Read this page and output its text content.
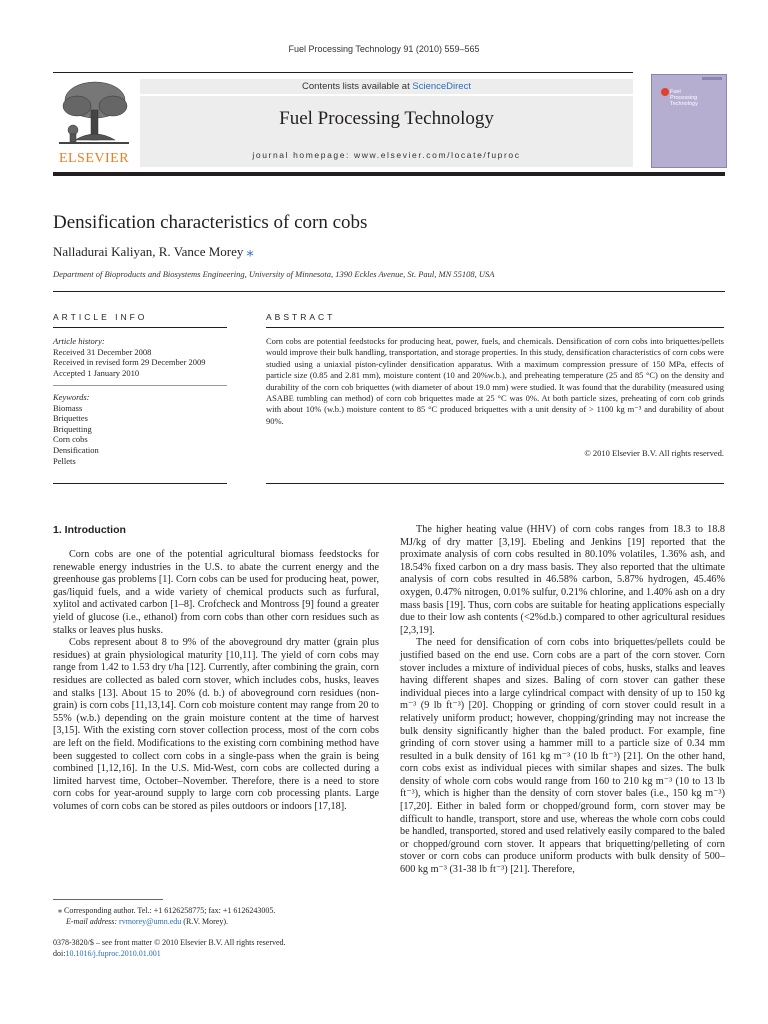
Fuel Processing Technology 91 (2010) 559–565
ELSEVIER
Contents lists available at ScienceDirect
Fuel Processing Technology
journal homepage: www.elsevier.com/locate/fuproc
Fuel
Processing
Technology
Densification characteristics of corn cobs
Nalladurai Kaliyan, R. Vance Morey ⁎
Department of Bioproducts and Biosystems Engineering, University of Minnesota, 1390 Eckles Avenue, St. Paul, MN 55108, USA
ARTICLE INFO
Article history:
Received 31 December 2008
Received in revised form 29 December 2009
Accepted 1 January 2010
Keywords:
Biomass
Briquettes
Briquetting
Corn cobs
Densification
Pellets
ABSTRACT
Corn cobs are potential feedstocks for producing heat, power, fuels, and chemicals. Densification of corn cobs into briquettes/pellets would improve their bulk handling, transportation, and storage properties. In this study, densification characteristics of corn cobs were studied using a uniaxial piston-cylinder densification apparatus. With a maximum compression pressure of 150 MPa, effects of particle size (0.85 and 2.81 mm), moisture content (10 and 20%w.b.), and preheating temperature (25 and 85 °C) on the density and durability of the corn cob briquettes (with diameter of about 19.0 mm) were studied. It was found that the durability (measured using ASABE tumbling can method) of corn cob briquettes made at 25 °C was 0%. At both particle sizes, preheating of corn cob grinds with about 10% (w.b.) moisture content to 85 °C produced briquettes with a unit density of > 1100 kg m⁻³ and durability of about 90%.
© 2010 Elsevier B.V. All rights reserved.
1. Introduction

Corn cobs are one of the potential agricultural biomass feedstocks for renewable energy industries in the U.S. to abate the current energy and the greenhouse gas problems [1]. Corn cobs can be used for producing heat, power, gas/liquid fuels, and a wide variety of chemical products such as furfural, xylitol and activated carbon [1–8]. Crofcheck and Montross [9] found a greater yield of glucose (i.e., ethanol) from corn cobs than other corn residues such as stalks or leaves plus husks.

Cobs represent about 8 to 9% of the aboveground dry matter (grain plus residues) at grain physiological maturity [10,11]. The yield of corn cobs may range from 1.42 to 1.53 dry t/ha [12]. Currently, after combining the grain, corn residues are collected as baled corn stover, which includes cobs, husks, leaves and stalks [13]. About 15 to 20% (d. b.) of aboveground corn residues (non-grain) is corn cobs [11,13,14]. Corn cob moisture content may range from 20 to 55% (w.b.) depending on the grain moisture content at the time of harvest [3,15]. With the existing corn stover collection process, most of the corn cobs are left on the field. Modifications to the existing corn combining method have been suggested to collect corn cobs in a single-pass when the grain is being combined [1,12,16]. In the U.S. Mid-West, corn cobs are collected during a limited harvest time, October–November. Therefore, there is a need to store corn cobs for year-around supply to large corn cob processing plants. Large volumes of corn cobs can be stored as piles outdoors or indoors [17,18].

The higher heating value (HHV) of corn cobs ranges from 18.3 to 18.8 MJ/kg of dry matter [3,19]. Ebeling and Jenkins [19] reported that the proximate analysis of corn cobs resulted in 80.10% volatiles, 1.36% ash, and 18.54% fixed carbon on a dry mass basis. They also reported that the ultimate analysis of corn cobs resulted in 46.58% carbon, 5.87% hydrogen, 45.46% oxygen, 0.47% nitrogen, 0.01% sulfur, 0.21% chlorine, and 1.40% ash on a dry mass basis [19]. Thus, corn cobs are suitable for heating applications especially due to their low ash contents (<2%d.b.) compared to other agricultural residues [2,3,19].

The need for densification of corn cobs into briquettes/pellets could be justified based on the end use. Corn cobs are a part of the corn stover. Corn stover includes a mixture of individual pieces of cobs, husks, stalks and leaves having different shapes and sizes. Baling of corn stover can gather these individual pieces into a large cylindrical compact with density of up to 150 kg m⁻³ (9 lb ft⁻³) [20]. Chopping or grinding of corn stover could result in a relatively uniform product; however, chopping/grinding may not increase the bulk density significantly higher than the baled product. For example, fine grinding of corn stover using a hammer mill to a particle size of 0.34 mm resulted in a bulk density of 161 kg m⁻³ (10 lb ft⁻³) [21]. On the other hand, corn cobs exist as individual pieces with similar shapes and sizes. The bulk density of whole corn cobs would range from 160 to 210 kg m⁻³ (10 to 13 lb ft⁻³), which is higher than the density of corn stover bales (i.e., 150 kg m⁻³) [17,20]. Either in baled form or chopped/ground form, corn stover may be difficult to handle, transport, store and use, whereas the whole corn cobs could be handled, transported, stored and used relatively easily compared to the baled or chopped/ground corn stover. It appears that briquetting/pelleting of corn stover or corn cobs can produce uniform products with bulk density of 500–600 kg m⁻³ (31-38 lb ft⁻³) [21]. Therefore,

⁎ Corresponding author. Tel.: +1 6126258775; fax: +1 6126243005.
E-mail address: rvmorey@umn.edu (R.V. Morey).
0378-3820/$ – see front matter © 2010 Elsevier B.V. All rights reserved.
doi:10.1016/j.fuproc.2010.01.001
